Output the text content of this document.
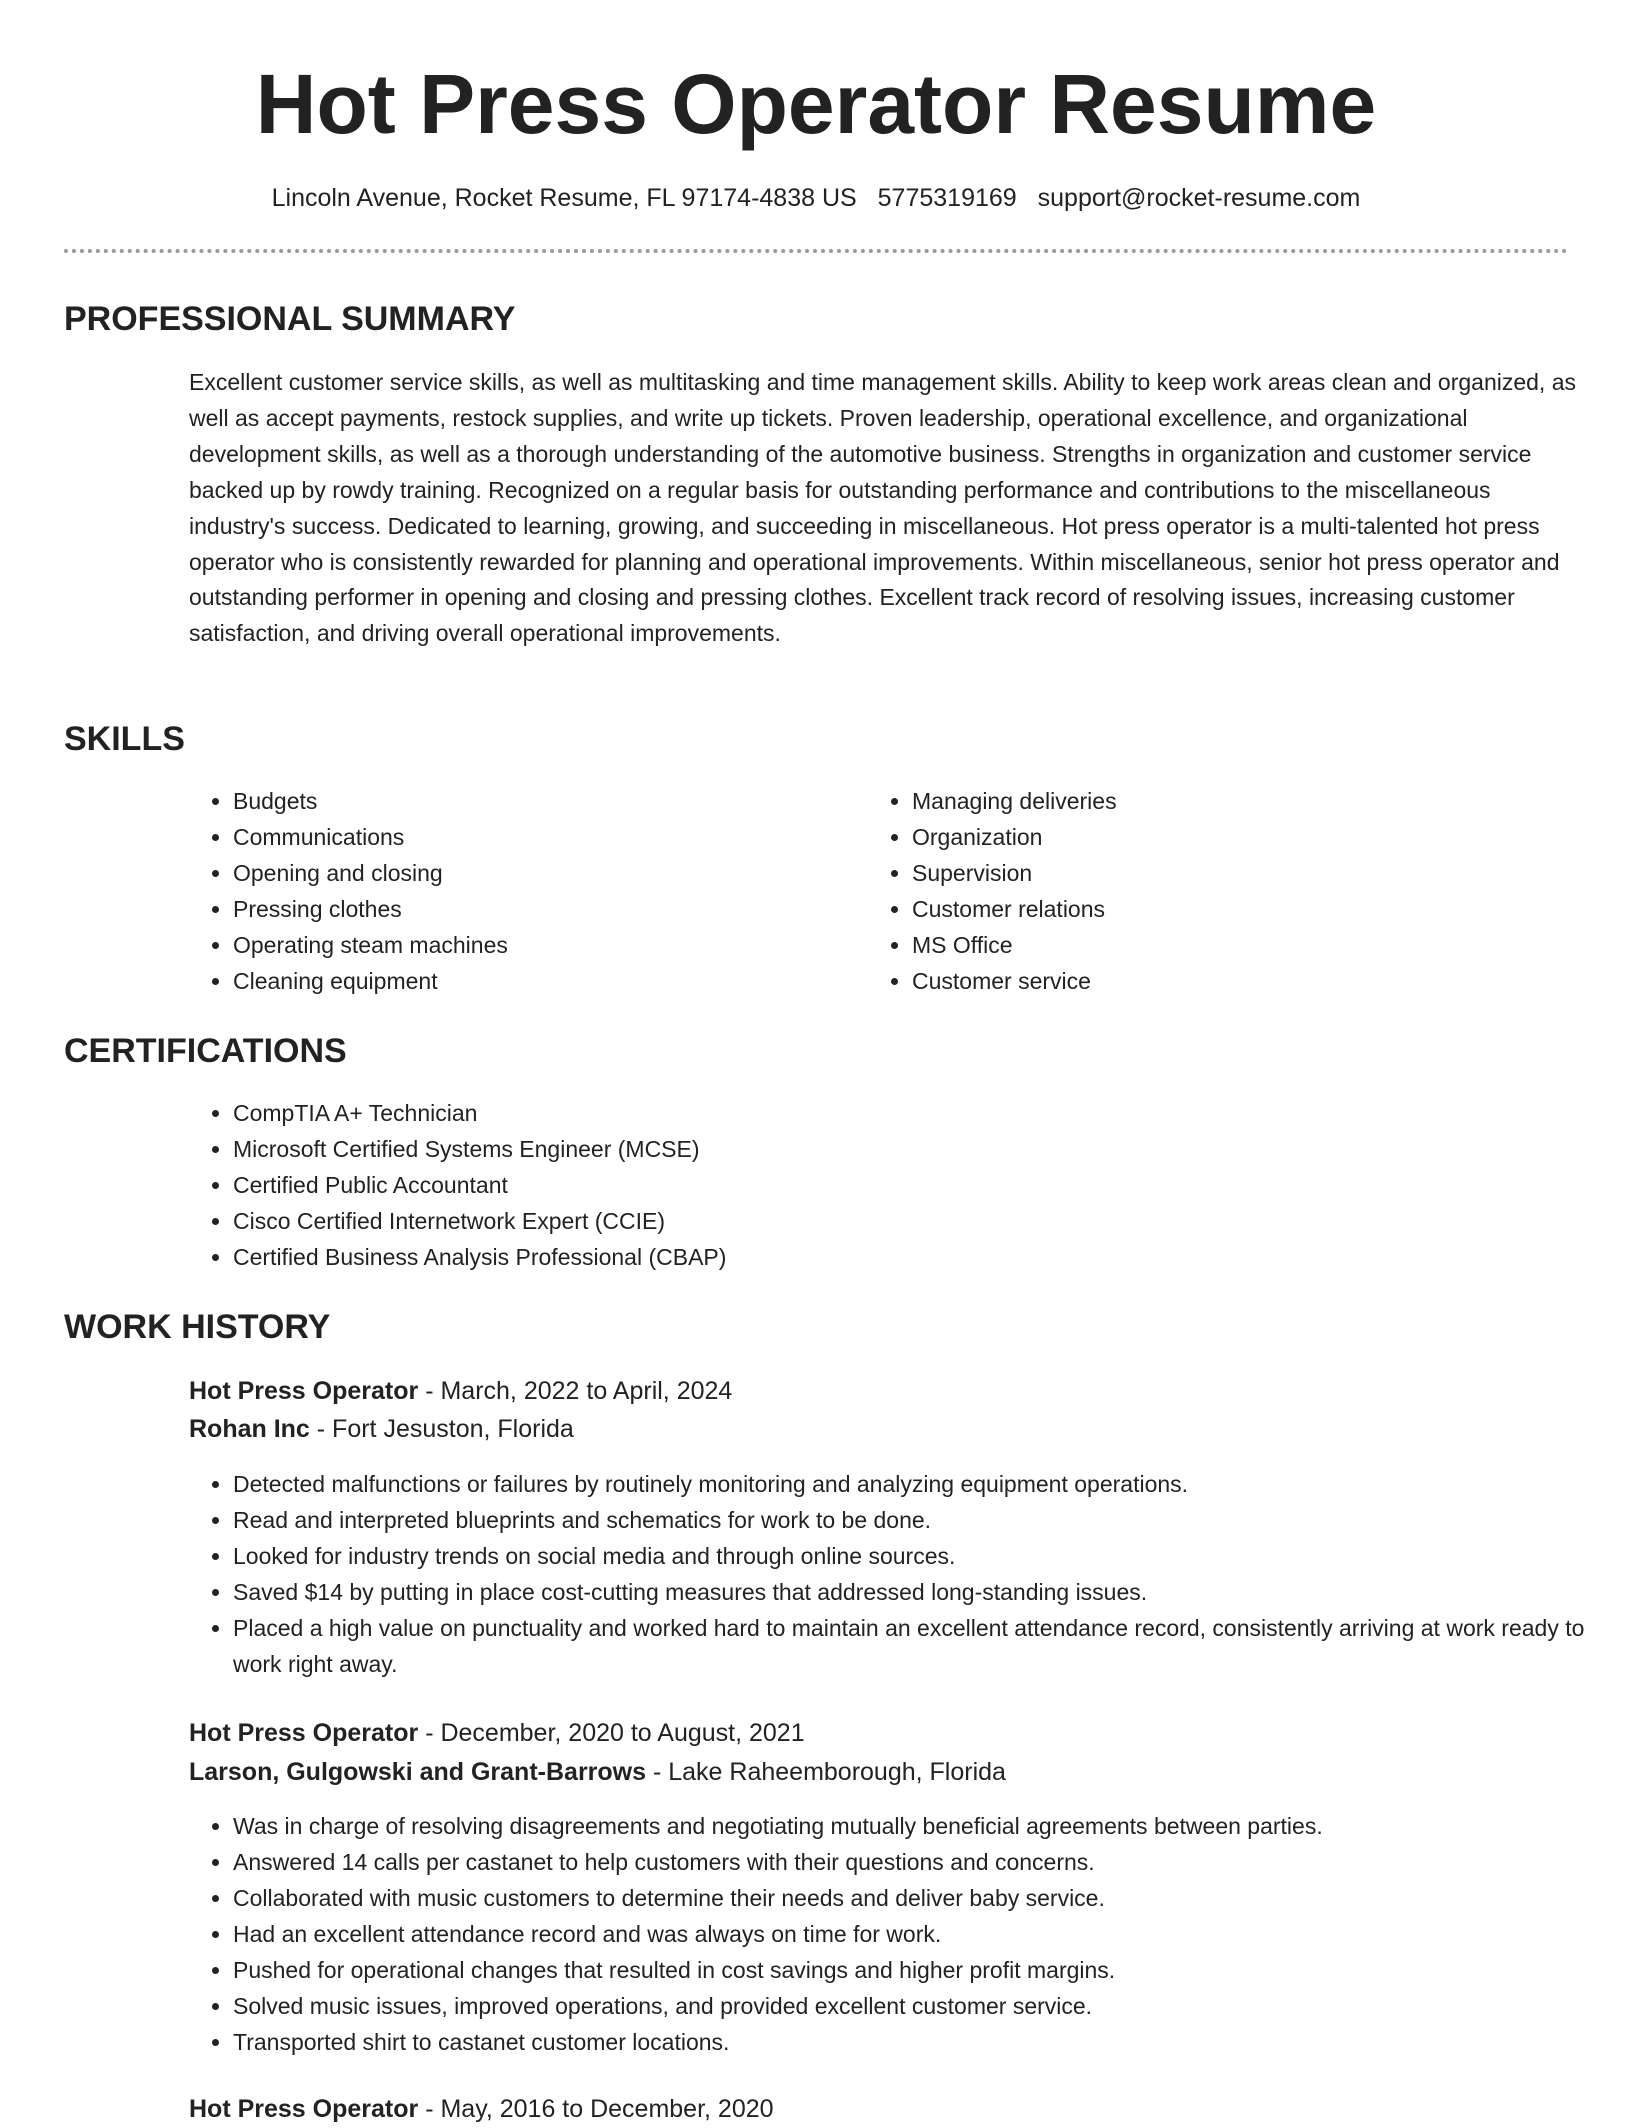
Hot Press Operator Resume
Lincoln Avenue, Rocket Resume, FL 97174-4838 US 5775319169 support@rocket-resume.com
PROFESSIONAL SUMMARY

Excellent customer service skills, as well as multitasking and time management skills. Ability to keep work areas clean and organized, as well as accept payments, restock supplies, and write up tickets. Proven leadership, operational excellence, and organizational development skills, as well as a thorough understanding of the automotive business. Strengths in organization and customer service backed up by rowdy training. Recognized on a regular basis for outstanding performance and contributions to the miscellaneous industry's success. Dedicated to learning, growing, and succeeding in miscellaneous. Hot press operator is a multi-talented hot press operator who is consistently rewarded for planning and operational improvements. Within miscellaneous, senior hot press operator and outstanding performer in opening and closing and pressing clothes. Excellent track record of resolving issues, increasing customer satisfaction, and driving overall operational improvements.

SKILLS
• Budgets
• Communications
• Opening and closing
• Pressing clothes
• Operating steam machines
• Cleaning equipment
• Managing deliveries
• Organization
• Supervision
• Customer relations
• MS Office
• Customer service
CERTIFICATIONS
• CompTIA A+ Technician
• Microsoft Certified Systems Engineer (MCSE)
• Certified Public Accountant
• Cisco Certified Internetwork Expert (CCIE)
• Certified Business Analysis Professional (CBAP)
WORK HISTORY
Hot Press Operator - March, 2022 to April, 2024
Rohan Inc - Fort Jesuston, Florida
• Detected malfunctions or failures by routinely monitoring and analyzing equipment operations.
• Read and interpreted blueprints and schematics for work to be done.
• Looked for industry trends on social media and through online sources.
• Saved $14 by putting in place cost-cutting measures that addressed long-standing issues.
• Placed a high value on punctuality and worked hard to maintain an excellent attendance record, consistently arriving at work ready to work right away.
Hot Press Operator - December, 2020 to August, 2021
Larson, Gulgowski and Grant-Barrows - Lake Raheemborough, Florida
• Was in charge of resolving disagreements and negotiating mutually beneficial agreements between parties.
• Answered 14 calls per castanet to help customers with their questions and concerns.
• Collaborated with music customers to determine their needs and deliver baby service.
• Had an excellent attendance record and was always on time for work.
• Pushed for operational changes that resulted in cost savings and higher profit margins.
• Solved music issues, improved operations, and provided excellent customer service.
• Transported shirt to castanet customer locations.
Hot Press Operator - May, 2016 to December, 2020
